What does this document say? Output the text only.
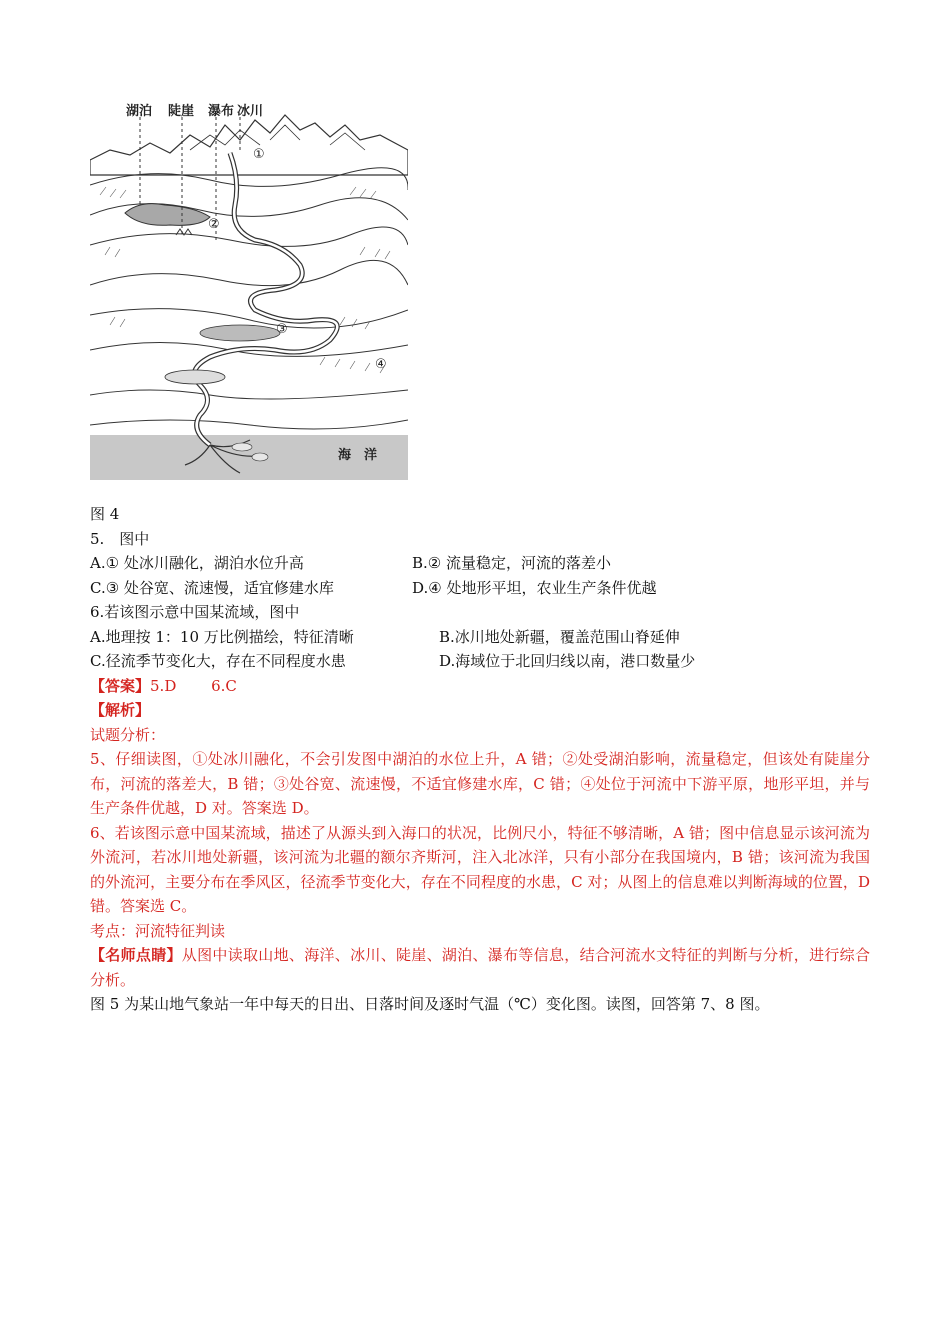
湖泊 陡崖 瀑布 冰川
①
②
③
④
海　洋
图 4
5.　图中
A.① 处冰川融化，湖泊水位升高	B.② 流量稳定，河流的落差小
C.③ 处谷宽、流速慢，适宜修建水库	D.④ 处地形平坦，农业生产条件优越
6.若该图示意中国某流域，图中
A.地理按 1：10 万比例描绘，特征清晰	B.冰川地处新疆，覆盖范围山脊延伸
C.径流季节变化大，存在不同程度水患	D.海域位于北回归线以南，港口数量少
【答案】5.D　　 6.C
【解析】
试题分析：
5、仔细读图，①处冰川融化，不会引发图中湖泊的水位上升，A 错；②处受湖泊影响，流量稳定，但该处有陡崖分布，河流的落差大，B 错；③处谷宽、流速慢，不适宜修建水库，C 错；④处位于河流中下游平原，地形平坦，并与生产条件优越，D 对。答案选 D。
6、若该图示意中国某流域，描述了从源头到入海口的状况，比例尺小，特征不够清晰，A 错；图中信息显示该河流为外流河，若冰川地处新疆，该河流为北疆的额尔齐斯河，注入北冰洋，只有小部分在我国境内，B 错；该河流为我国的外流河，主要分布在季风区，径流季节变化大，存在不同程度的水患，C 对；从图上的信息难以判断海域的位置，D 错。答案选 C。
考点：河流特征判读
【名师点睛】从图中读取山地、海洋、冰川、陡崖、湖泊、瀑布等信息，结合河流水文特征的判断与分析，进行综合分析。
图 5 为某山地气象站一年中每天的日出、日落时间及逐时气温（℃）变化图。读图，回答第 7、8 图。
